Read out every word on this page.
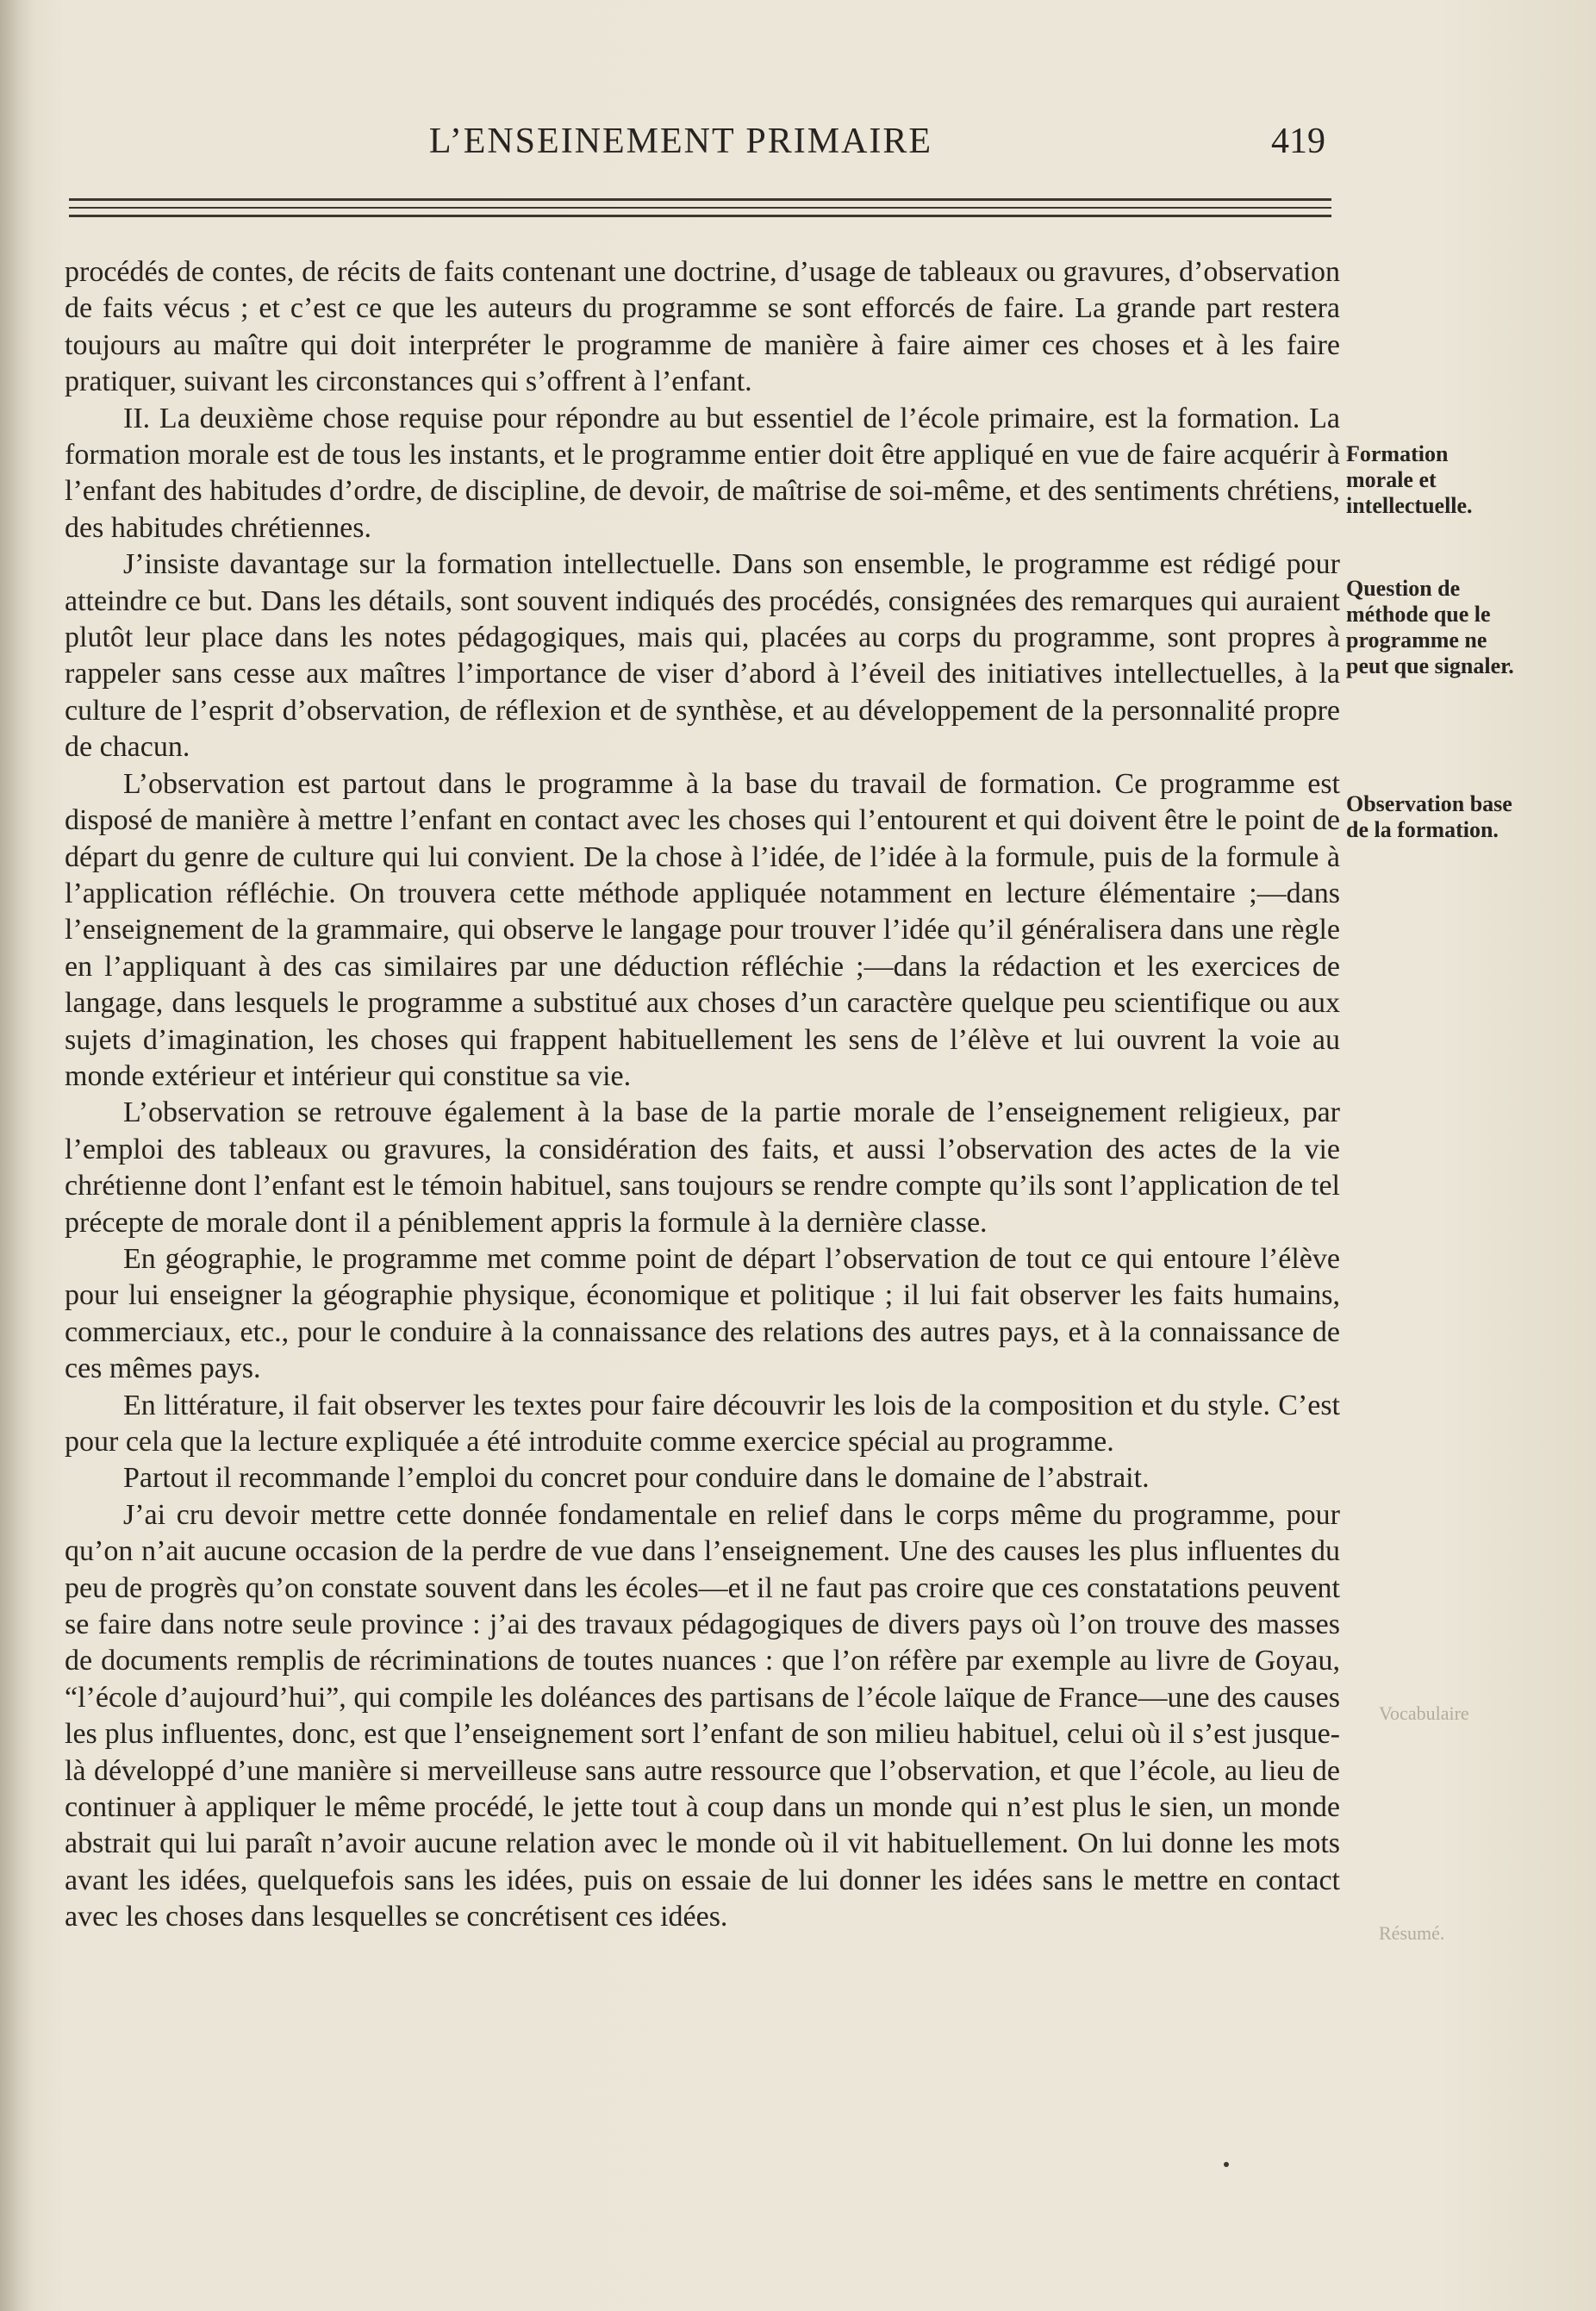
L’ENSEINEMENT PRIMAIRE	419

procédés de contes, de récits de faits contenant une doctrine, d’usage de tableaux ou gravures, d’observation de faits vécus ; et c’est ce que les auteurs du programme se sont efforcés de faire. La grande part restera toujours au maître qui doit interpréter le programme de manière à faire aimer ces choses et à les faire pratiquer, suivant les circonstances qui s’offrent à l’enfant.

II. La deuxième chose requise pour répondre au but essentiel de l’école primaire, est la formation. La formation morale est de tous les instants, et le programme entier doit être appliqué en vue de faire acquérir à l’enfant des habitudes d’ordre, de discipline, de devoir, de maîtrise de soi-même, et des sentiments chrétiens, des habitudes chrétiennes.

J’insiste davantage sur la formation intellectuelle. Dans son ensemble, le programme est rédigé pour atteindre ce but. Dans les détails, sont souvent indiqués des procédés, consignées des remarques qui auraient plutôt leur place dans les notes pédagogiques, mais qui, placées au corps du programme, sont propres à rappeler sans cesse aux maîtres l’importance de viser d’abord à l’éveil des initiatives intellectuelles, à la culture de l’esprit d’observation, de réflexion et de synthèse, et au développement de la personnalité propre de chacun.

L’observation est partout dans le programme à la base du travail de formation. Ce programme est disposé de manière à mettre l’enfant en contact avec les choses qui l’entourent et qui doivent être le point de départ du genre de culture qui lui convient. De la chose à l’idée, de l’idée à la formule, puis de la formule à l’application réfléchie. On trouvera cette méthode appliquée notamment en lecture élémentaire ;—dans l’enseignement de la grammaire, qui observe le langage pour trouver l’idée qu’il généralisera dans une règle en l’appliquant à des cas similaires par une déduction réfléchie ;—dans la rédaction et les exercices de langage, dans lesquels le programme a substitué aux choses d’un caractère quelque peu scientifique ou aux sujets d’imagination, les choses qui frappent habituellement les sens de l’élève et lui ouvrent la voie au monde extérieur et intérieur qui constitue sa vie.

L’observation se retrouve également à la base de la partie morale de l’enseignement religieux, par l’emploi des tableaux ou gravures, la considération des faits, et aussi l’observation des actes de la vie chrétienne dont l’enfant est le témoin habituel, sans toujours se rendre compte qu’ils sont l’application de tel précepte de morale dont il a péniblement appris la formule à la dernière classe.

En géographie, le programme met comme point de départ l’observation de tout ce qui entoure l’élève pour lui enseigner la géographie physique, économique et politique ; il lui fait observer les faits humains, commerciaux, etc., pour le conduire à la connaissance des relations des autres pays, et à la connaissance de ces mêmes pays.

En littérature, il fait observer les textes pour faire découvrir les lois de la composition et du style. C’est pour cela que la lecture expliquée a été introduite comme exercice spécial au programme.

Partout il recommande l’emploi du concret pour conduire dans le domaine de l’abstrait.

J’ai cru devoir mettre cette donnée fondamentale en relief dans le corps même du programme, pour qu’on n’ait aucune occasion de la perdre de vue dans l’enseignement. Une des causes les plus influentes du peu de progrès qu’on constate souvent dans les écoles—et il ne faut pas croire que ces constatations peuvent se faire dans notre seule province : j’ai des travaux pédagogiques de divers pays où l’on trouve des masses de documents remplis de récriminations de toutes nuances : que l’on réfère par exemple au livre de Goyau, “l’école d’aujourd’hui”, qui compile les doléances des partisans de l’école laïque de France—une des causes les plus influentes, donc, est que l’enseignement sort l’enfant de son milieu habituel, celui où il s’est jusque-là développé d’une manière si merveilleuse sans autre ressource que l’observation, et que l’école, au lieu de continuer à appliquer le même procédé, le jette tout à coup dans un monde qui n’est plus le sien, un monde abstrait qui lui paraît n’avoir aucune relation avec le monde où il vit habituellement. On lui donne les mots avant les idées, quelquefois sans les idées, puis on essaie de lui donner les idées sans le mettre en contact avec les choses dans lesquelles se concrétisent ces idées.

Formation morale et intellectuelle.
Question de méthode que le programme ne peut que signaler.
Observation base de la formation.
Vocabulaire
Résumé.
